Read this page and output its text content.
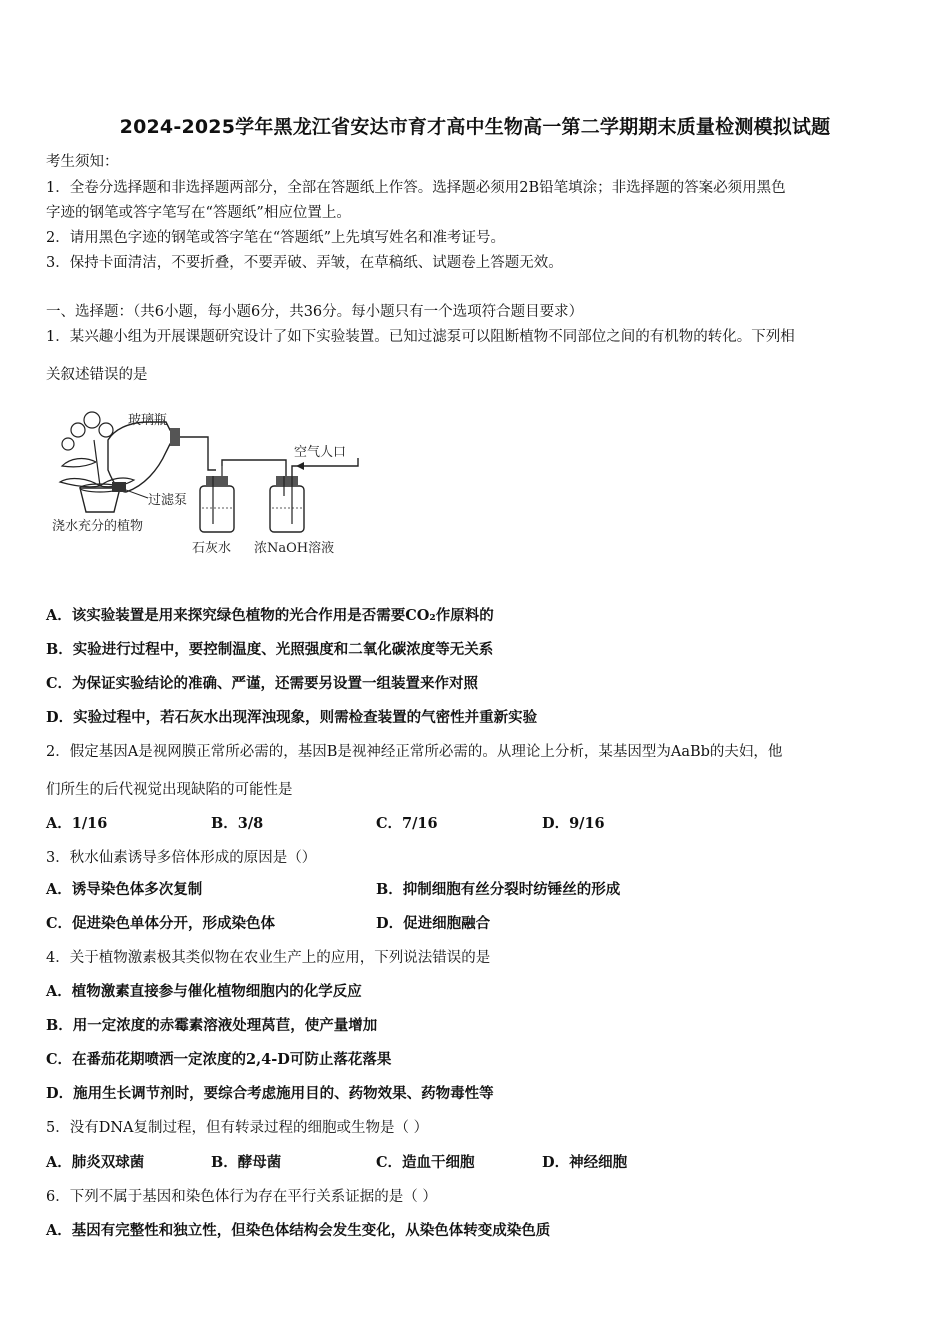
2024-2025学年黑龙江省安达市育才高中生物高一第二学期期末质量检测模拟试题
考生须知：
1．全卷分选择题和非选择题两部分，全部在答题纸上作答。选择题必须用2B铅笔填涂；非选择题的答案必须用黑色
字迹的钢笔或答字笔写在“答题纸”相应位置上。
2．请用黑色字迹的钢笔或答字笔在“答题纸”上先填写姓名和准考证号。
3．保持卡面清洁，不要折叠，不要弄破、弄皱，在草稿纸、试题卷上答题无效。
一、选择题：（共6小题，每小题6分，共36分。每小题只有一个选项符合题目要求）
1．某兴趣小组为开展课题研究设计了如下实验装置。已知过滤泵可以阻断植物不同部位之间的有机物的转化。下列相
关叙述错误的是
玻璃瓶
空气人口
过滤泵
浇水充分的植物
石灰水 浓NaOH溶液
A．该实验装置是用来探究绿色植物的光合作用是否需要CO₂作原料的
B．实验进行过程中，要控制温度、光照强度和二氧化碳浓度等无关系
C．为保证实验结论的准确、严谨，还需要另设置一组装置来作对照
D．实验过程中，若石灰水出现浑浊现象，则需检查装置的气密性并重新实验
2．假定基因A是视网膜正常所必需的，基因B是视神经正常所必需的。从理论上分析，某基因型为AaBb的夫妇，他
们所生的后代视觉出现缺陷的可能性是
A．1/16	B．3/8	C．7/16	D．9/16
3．秋水仙素诱导多倍体形成的原因是（）
A．诱导染色体多次复制	B．抑制细胞有丝分裂时纺锤丝的形成
C．促进染色单体分开，形成染色体	D．促进细胞融合
4．关于植物激素极其类似物在农业生产上的应用，下列说法错误的是
A．植物激素直接参与催化植物细胞内的化学反应
B．用一定浓度的赤霉素溶液处理莴苣，使产量增加
C．在番茄花期喷洒一定浓度的2,4-D可防止落花落果
D．施用生长调节剂时，要综合考虑施用目的、药物效果、药物毒性等
5．没有DNA复制过程，但有转录过程的细胞或生物是（ ）
A．肺炎双球菌	B．酵母菌	C．造血干细胞	D．神经细胞
6．下列不属于基因和染色体行为存在平行关系证据的是（ ）
A．基因有完整性和独立性，但染色体结构会发生变化，从染色体转变成染色质
